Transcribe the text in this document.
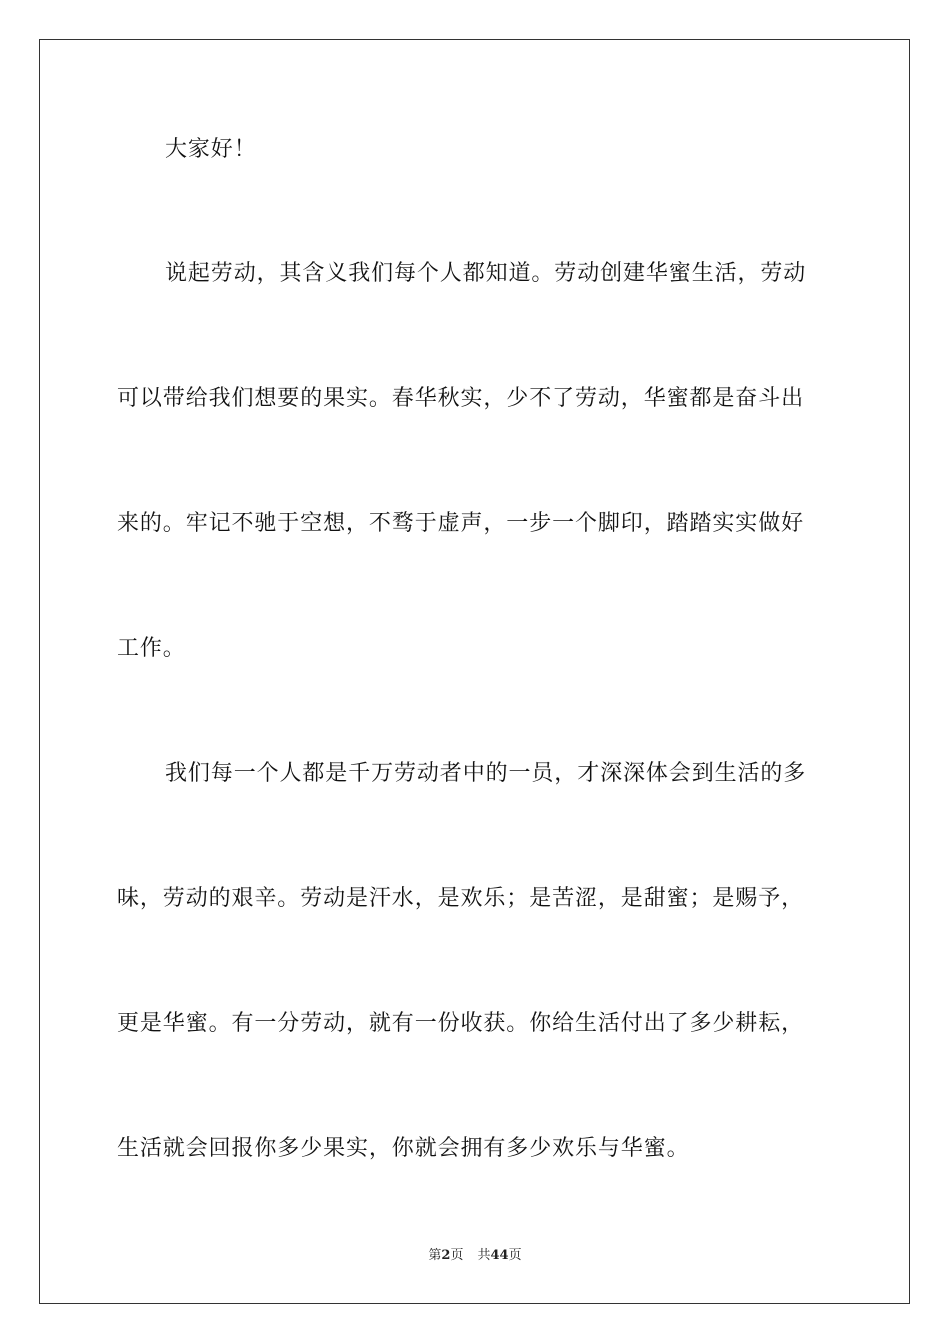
大家好！
说起劳动，其含义我们每个人都知道。劳动创建华蜜生活，劳动
可以带给我们想要的果实。春华秋实，少不了劳动，华蜜都是奋斗出
来的。牢记不驰于空想，不骛于虚声，一步一个脚印，踏踏实实做好
工作。
我们每一个人都是千万劳动者中的一员，才深深体会到生活的多
味，劳动的艰辛。劳动是汗水，是欢乐；是苦涩，是甜蜜；是赐予，
更是华蜜。有一分劳动，就有一份收获。你给生活付出了多少耕耘，
生活就会回报你多少果实，你就会拥有多少欢乐与华蜜。
第2页 共44页
